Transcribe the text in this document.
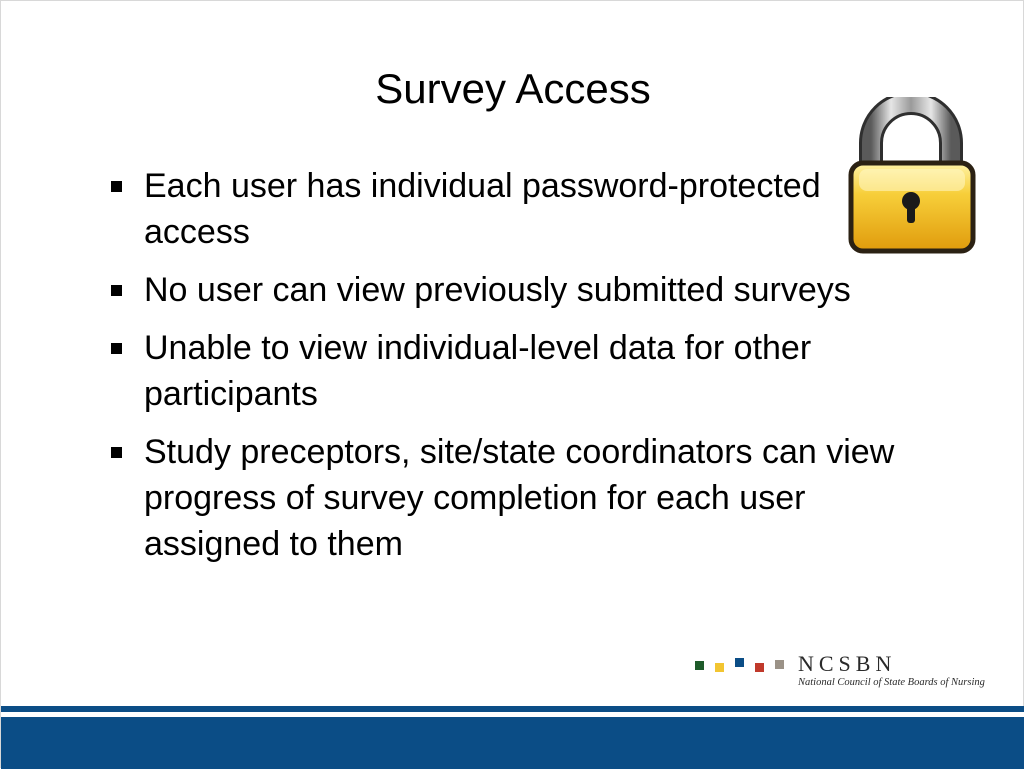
Survey Access
Each user has individual password-protected access
No user can view previously submitted surveys
Unable to view individual-level data for other participants
Study preceptors, site/state coordinators can view progress of survey completion for each user assigned to them
NCSBN
National Council of State Boards of Nursing
